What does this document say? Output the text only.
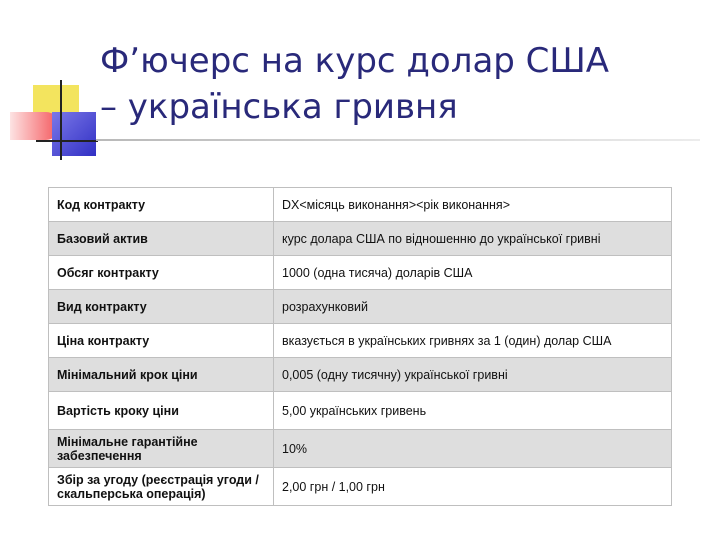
Ф’ючерс на курс долар США
– українська гривня
Код контракту	DX<місяць виконання><рік виконання>
Базовий актив	курс долара США по відношенню до української гривні
Обсяг контракту	1000 (одна тисяча) доларів США
Вид контракту	розрахунковий
Ціна контракту	вказується в українських гривнях за 1 (один) долар США
Мінімальний крок ціни	0,005 (одну тисячну) української гривні
Вартість кроку ціни	5,00 українських гривень
Мінімальне гарантійне забезпечення	10%
Збір за угоду (реєстрація угоди / скальперська операція)	2,00 грн / 1,00 грн
